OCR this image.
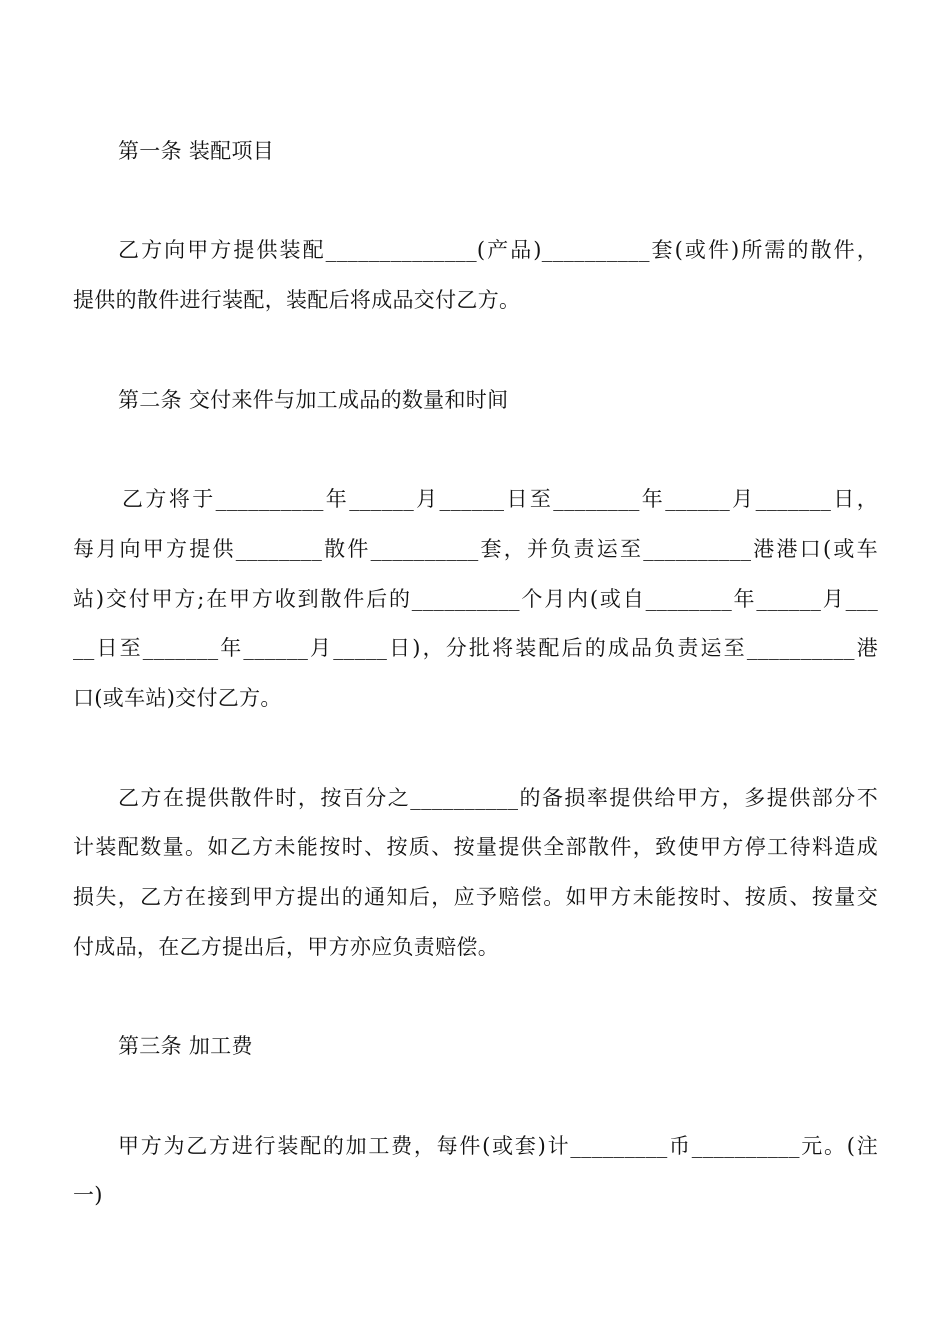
第一条 装配项目
乙方向甲方提供装配______________(产品)__________套(或件)所需的散件，
提供的散件进行装配，装配后将成品交付乙方。
第二条 交付来件与加工成品的数量和时间
乙方将于__________年______月______日至________年______月_______日，
每月向甲方提供________散件__________套，并负责运至__________港港口(或车
站)交付甲方;在甲方收到散件后的__________个月内(或自________年______月___
__日至_______年______月_____日)，分批将装配后的成品负责运至__________港
口(或车站)交付乙方。
乙方在提供散件时，按百分之__________的备损率提供给甲方，多提供部分不
计装配数量。如乙方未能按时、按质、按量提供全部散件，致使甲方停工待料造成
损失，乙方在接到甲方提出的通知后，应予赔偿。如甲方未能按时、按质、按量交
付成品，在乙方提出后，甲方亦应负责赔偿。
第三条 加工费
甲方为乙方进行装配的加工费，每件(或套)计_________币__________元。(注
一)
